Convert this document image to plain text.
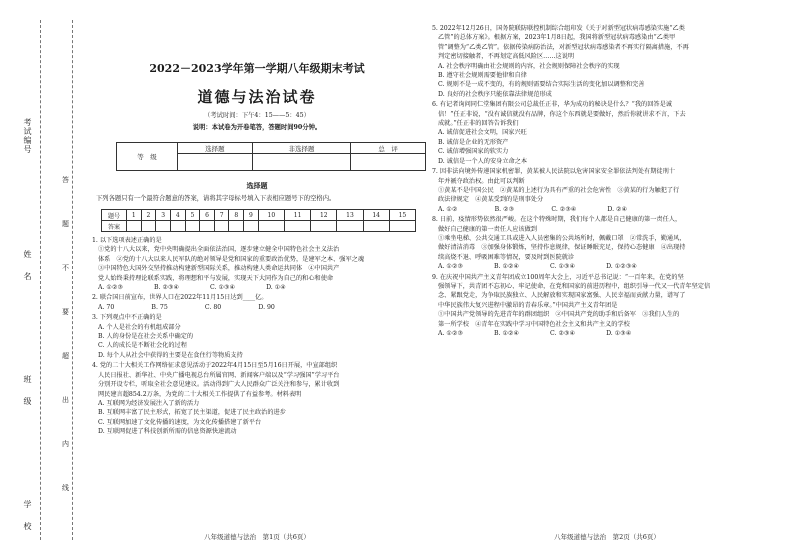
考试编号
姓名
班级
学校
答
题
不
要
超
出
内
线
2022－2023学年第一学期八年级期末考试
道德与法治试卷
（考试时间：下午4：15——5：45）
说明：本试卷为开卷笔答，答题时间90分钟。
等　级	选择题	非选择题	总　评

选择题
下列各题只有一个最符合题意的答案，请将其字母标号填入下表相应题号下的空格内。
题号	1	2	3	4	5	6	7	8	9	10	11	12	13	14	15
答案															
1. 以下选项表述正确的是
①党的十八大以来，党中央明确提出全面依法治国，逐步建立健全中国特色社会主义法治
体系　②党的十八大以来人民军队的绝对领导是党和国家的重要政治优势，是建军之本、强军之魂
③中国特色大国外交坚持推动构建新型国际关系，推动构建人类命运共同体　④中国共产
党人始终秉持理论联系实践，将理想和平与发展，实现天下大同作为自己的和心和使命
A. ①②③　　　　　B. ②③④　　　　　C. ①③④　　　　　D. ①④
2. 联合国日前宣布，世界人口在2022年11月15日达到____亿。
A. 70　　　　　　B. 75　　　　　　C. 80　　　　　　D. 90
3. 下列观点中不正确的是
A. 个人是社会的有机组成部分
B. 人的身份是在社会关系中确定的
C. 人的成长是不断社会化的过程
D. 每个人从社会中获得的主要是在食住行等物质支持
4. 党的二十大相关工作网络征求意见活动于2022年4月15日至5月16日开展，中宣部组织
人民日报社、新华社、中央广播电视总台所属官网、新闻客户端以及“学习强国”学习平台
分别开设专栏，听取全社会意见建议。活动得到广大人民群众广泛关注和参与，累计收到
网民建言超854.2万条，为党的二十大相关工作提供了有益参考。材料表明
A. 互联网为经济发展注入了新的活力
B. 互联网丰富了民主形式，拓宽了民主渠道，促进了民主政治的进步
C. 互联网加速了文化传播的速度，为文化传播搭建了新平台
D. 互联网促进了科技创新所需的信息资源快速流动
八年级道德与法治　第1页（共6页）
5. 2022年12月26日，国务院联防联控机制综合组印发《关于对新型冠状病毒感染实施“乙类
乙管”的总体方案》。根据方案，2023年1月8日起，我国将新型冠状病毒感染由“乙类甲
管”调整为“乙类乙管”。依据传染病防治法，对新型冠状病毒感染者不再实行隔离措施，不再
判定密切接触者，不再划定高低风险区……这说明
A. 社会秩序明确由社会规则的内容，社会规则保障社会秩序的实现
B. 遵守社会规则需要他律和自律
C. 规则不是一成不变的，有的规则需要结合实际生活的变化加以调整和完善
D. 良好的社会秩序只能依靠法律规范形成
6. 有记者询问同仁堂集团有限公司总裁任正非，华为成功的秘诀是什么？“我的回答是诚
信！”任正非说，“没有诚信就没有品牌，你这个东西就是要做好，然后你就讲求不言，下去
成就。”任正非的回答告诉我们
A. 诚信促进社会文明，国家兴旺
B. 诚信是企业的无形资产
C. 诚信增强国家的软实力
D. 诚信是一个人的安身立命之本
7. 因非法向境外传递国家机密罪，黄某被人民法院以危害国家安全罪依法判处有期徒刑十
年并褫夺政治权。由此可以判断
①黄某不是中国公民　②黄某的上述行为具有严重的社会危害性　③黄某的行为触犯了行
政法律规定　④黄某受到的是刑事处分
A. ①②　　　　　　B. ②③　　　　　　C. ②③④　　　　　D. ②④
8. 日前，疫情形势依然很严峻。在这个特殊时期，我们每个人都是自己健康的第一责任人，
做好自己健康的第一责任人应该做到
①乘坐电梯、公共交通工具或进入人员密集的公共场所时，佩戴口罩　②常洗手，勤通风，
做好清洁消毒　③加强身体锻炼，坚持作息规律，保证睡眠充足，保持心态健康　④出现持
续高烧不退、呼吸困难等情况，要及时到医院就诊
A. ①②③　　　　　B. ①②④　　　　　C. ①③④　　　　　D. ①②③④
9. 在庆祝中国共产主义青年团成立100周年大会上，习近平总书记说：“一百年来，在党的坚
强领导下，共青团不忘初心、牢记使命，在党和国家的前进历程中，组织引导一代又一代青年坚定信
念、紧跟党走，为争取民族独立、人民解放和实现国家富强、人民幸福而贡献力量，谱写了
中华民族伟大复兴进程中激昂的青春乐章。”中国共产主义青年团是
①中国共产党领导的先进青年的群团组织　②中国共产党的助手和后备军　③我们人生的
第一所学校　④青年在实践中学习中国特色社会主义和共产主义的学校
A. ①②③　　　　　B. ①②④　　　　　C. ②③④　　　　　D. ①③④
八年级道德与法治　第2页（共6页）
